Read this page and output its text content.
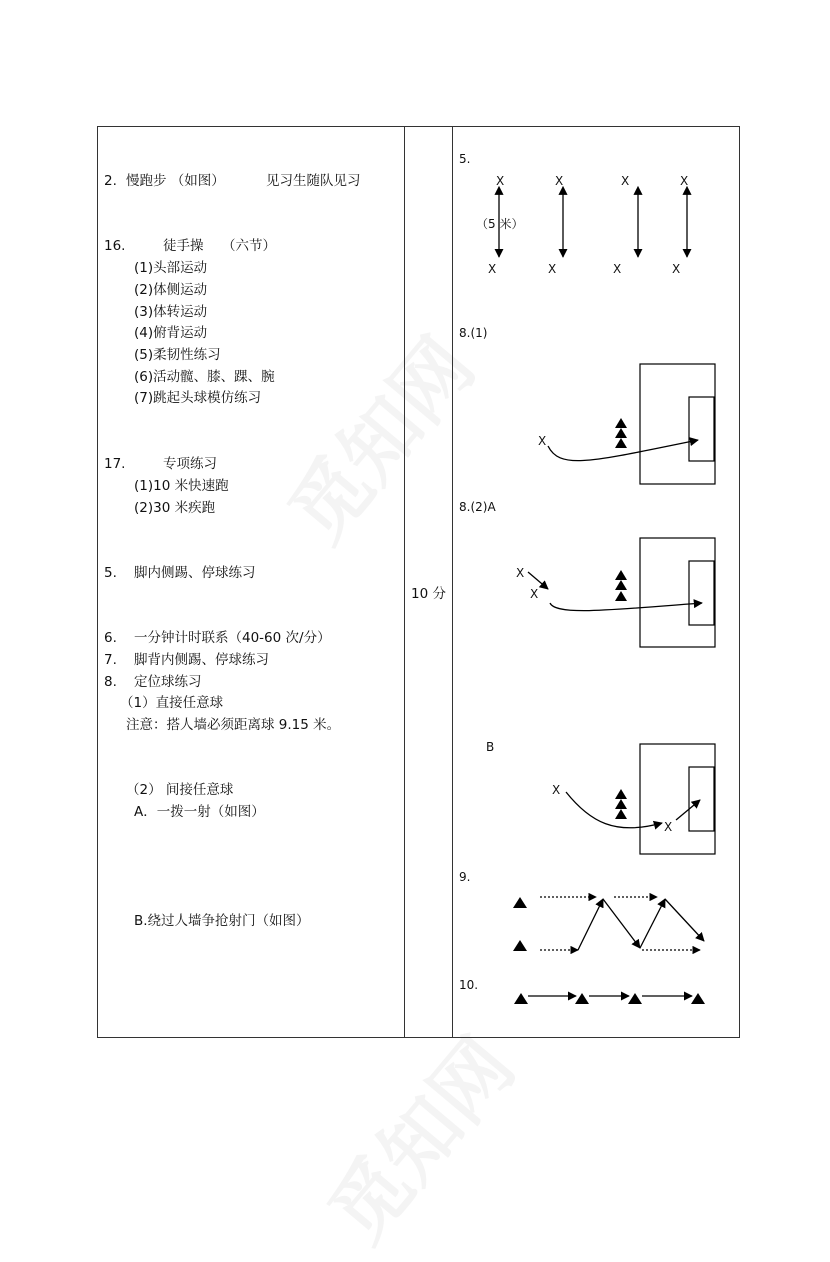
2. 慢跑步 （如图）	见习生随队见习
16.	徒手操 （六节）
(1)头部运动
(2)体侧运动
(3)体转运动
(4)俯背运动
(5)柔韧性练习
(6)活动髋、膝、踝、腕
(7)跳起头球模仿练习
17.	专项练习
(1)10 米快速跑
(2)30 米疾跑
5. 脚内侧踢、停球练习
6. 一分钟计时联系（40-60 次/分）
7. 脚背内侧踢、停球练习
8. 定位球练习
（1）直接任意球
注意：搭人墙必须距离球 9.15 米。
（2） 间接任意球
A．一拨一射（如图）
B.绕过人墙争抢射门（如图）
10 分
5.
8.(1)
8.(2)A
B
9.
10.
X	X	X	X
X	X	X	X
（5 米）
X
X
X
X
X
